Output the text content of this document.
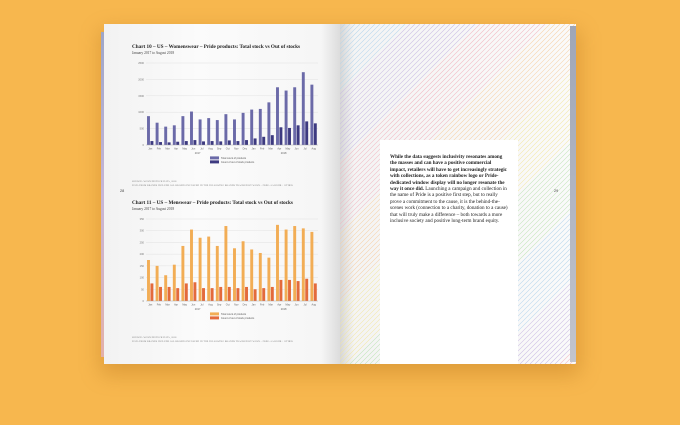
Chart 10 – US – Womenswear – Pride products: Total stock vs Out of stocks
January 2017 to August 2018
0
500
1000
1500
2000
2500
Jan Feb Mar Apr May Jun Jul Aug Sep Oct Nov Dec Jan Feb Mar Apr May Jun Jul Aug
2017	2018
Total count of products
Count of out of stock products
SOURCE: WGSN INSTOCK DATA, 2018
DATA FROM BRANDS INCLUDE ALL BRANDS INVOLVED IN THE FOLLOWING BRANDS TRACKED BY WGSN – FREE: AA ROHR + OTHER
28
Chart 11 – US – Menswear – Pride products: Total stock vs Out of stocks
January 2017 to August 2018
0
50
100
150
200
250
300
350
Jan Feb Mar Apr May Jun Jul Aug Sep Oct Nov Dec Jan Feb Mar Apr May Jun Jul Aug
2017	2018
Total count of products
Count of out of stock products
SOURCE: WGSN INSTOCK DATA, 2018
DATA FROM BRANDS INCLUDE ALL BRANDS INVOLVED IN THE FOLLOWING BRANDS TRACKED BY WGSN – FREE: AA ROHR + OTHER
29
While the data suggests inclusivity resonates among the masses and can have a positive commercial impact, retailers will have to get increasingly strategic with collections, as a token rainbow logo or Pride-dedicated window display will no longer resonate the way it once did. Launching a campaign and collection in the name of Pride is a positive first step, but to really prove a commitment to the cause, it is the behind-the-scenes work (connection to a charity, donation to a cause) that will truly make a difference – both towards a more inclusive society and positive long-term brand equity.
